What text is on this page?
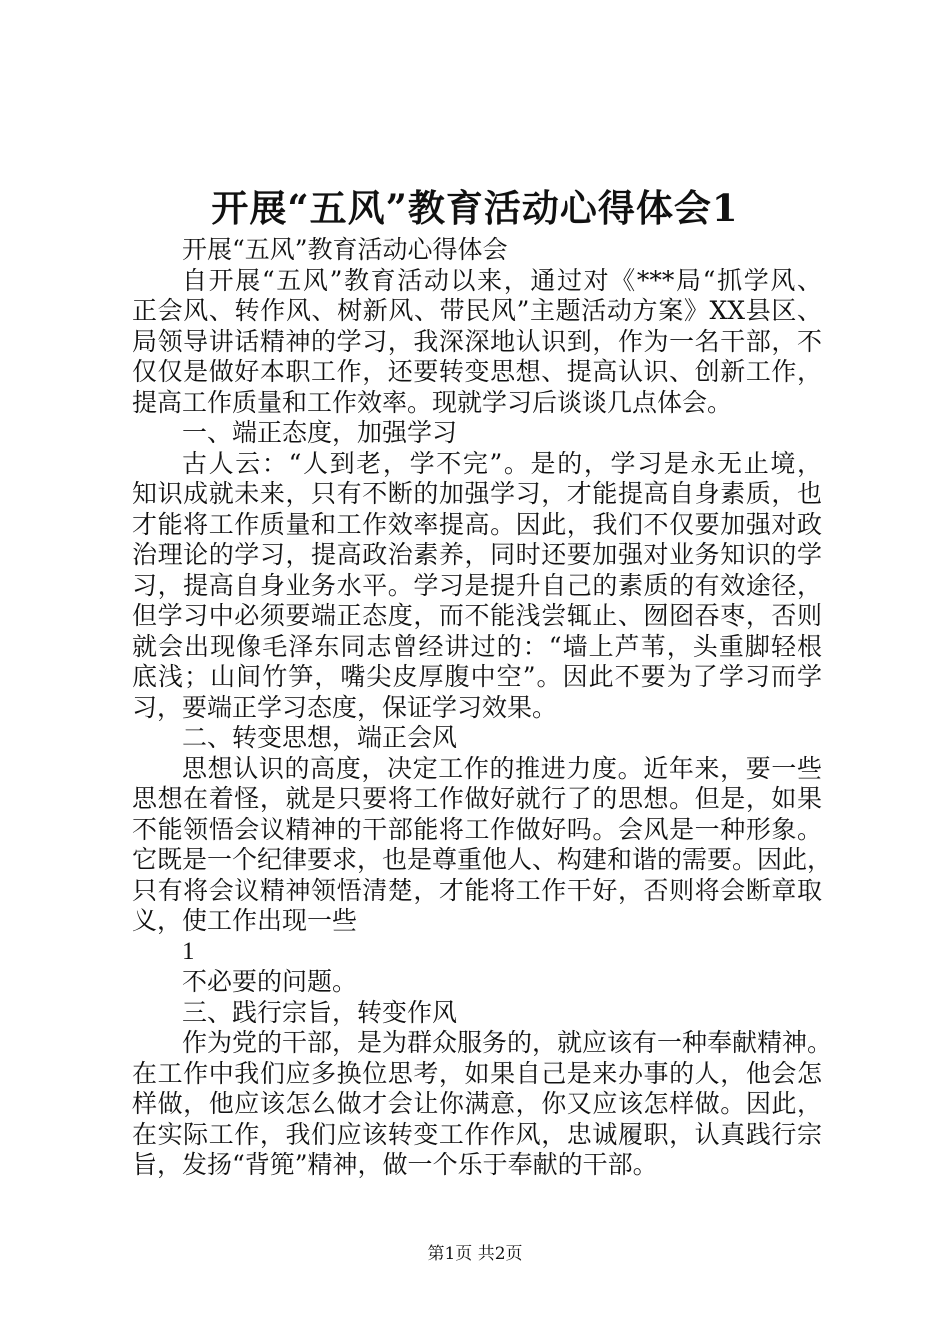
开展“五风”教育活动心得体会1
开展“五风”教育活动心得体会
自开展“五风”教育活动以来，通过对《***局“抓学风、
正会风、转作风、树新风、带民风”主题活动方案》XX县区、
局领导讲话精神的学习，我深深地认识到，作为一名干部，不
仅仅是做好本职工作，还要转变思想、提高认识、创新工作，
提高工作质量和工作效率。现就学习后谈谈几点体会。
一、端正态度，加强学习
古人云：“人到老，学不完”。是的，学习是永无止境，
知识成就未来，只有不断的加强学习，才能提高自身素质，也
才能将工作质量和工作效率提高。因此，我们不仅要加强对政
治理论的学习，提高政治素养，同时还要加强对业务知识的学
习，提高自身业务水平。学习是提升自己的素质的有效途径，
但学习中必须要端正态度，而不能浅尝辄止、囫囵吞枣，否则
就会出现像毛泽东同志曾经讲过的：“墙上芦苇，头重脚轻根
底浅；山间竹笋，嘴尖皮厚腹中空”。因此不要为了学习而学
习，要端正学习态度，保证学习效果。
二、转变思想，端正会风
思想认识的高度，决定工作的推进力度。近年来，要一些
思想在着怪，就是只要将工作做好就行了的思想。但是，如果
不能领悟会议精神的干部能将工作做好吗。会风是一种形象。
它既是一个纪律要求，也是尊重他人、构建和谐的需要。因此，
只有将会议精神领悟清楚，才能将工作干好，否则将会断章取
义，使工作出现一些
1
不必要的问题。
三、践行宗旨，转变作风
作为党的干部，是为群众服务的，就应该有一种奉献精神。
在工作中我们应多换位思考，如果自己是来办事的人，他会怎
样做，他应该怎么做才会让你满意，你又应该怎样做。因此，
在实际工作，我们应该转变工作作风，忠诚履职，认真践行宗
旨，发扬“背篼”精神，做一个乐于奉献的干部。
第1页 共2页
